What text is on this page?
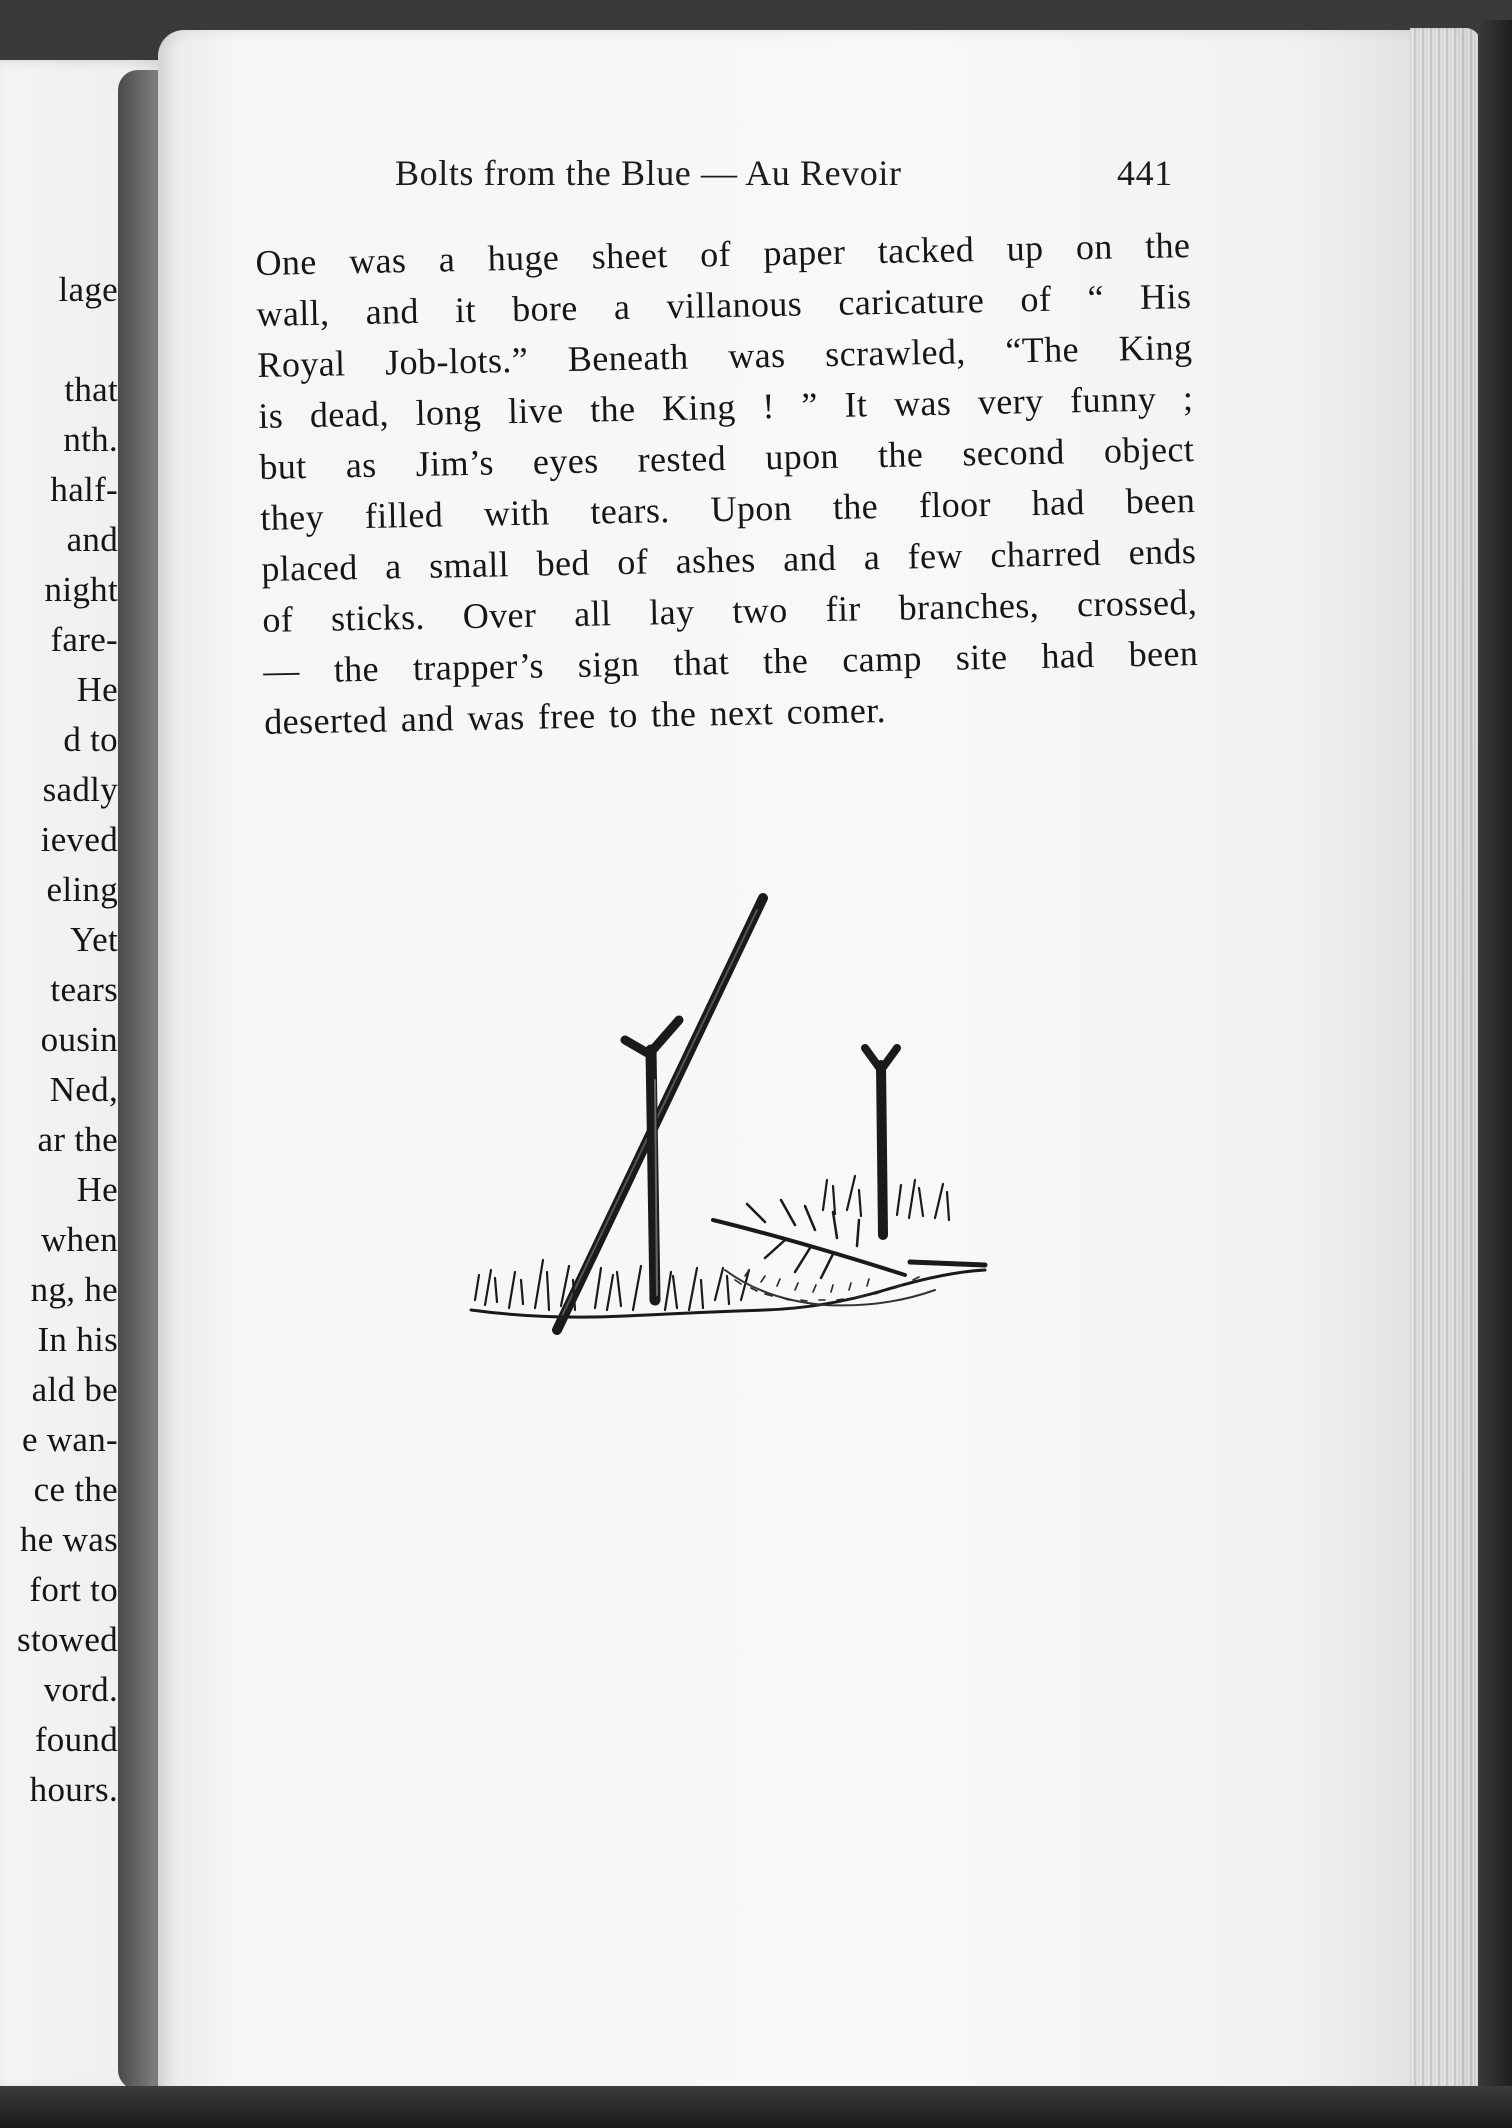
lage

that
nth.
half-
and
night
fare-
He
d to
sadly
ieved
eling
Yet
tears
ousin
Ned,
ar the
He
when
ng, he
In his
ald be
e wan-
ce the
he was
fort to
stowed
vord.
found
hours.
Bolts from the Blue — Au Revoir	441
One was a huge sheet of paper tacked up on the
wall, and it bore a villanous caricature of “ His
Royal Job-lots.” Beneath was scrawled, “The King
is dead, long live the King ! ” It was very funny ;
but as Jim’s eyes rested upon the second object
they filled with tears. Upon the floor had been
placed a small bed of ashes and a few charred ends
of sticks. Over all lay two fir branches, crossed,
— the trapper’s sign that the camp site had been
deserted and was free to the next comer.
